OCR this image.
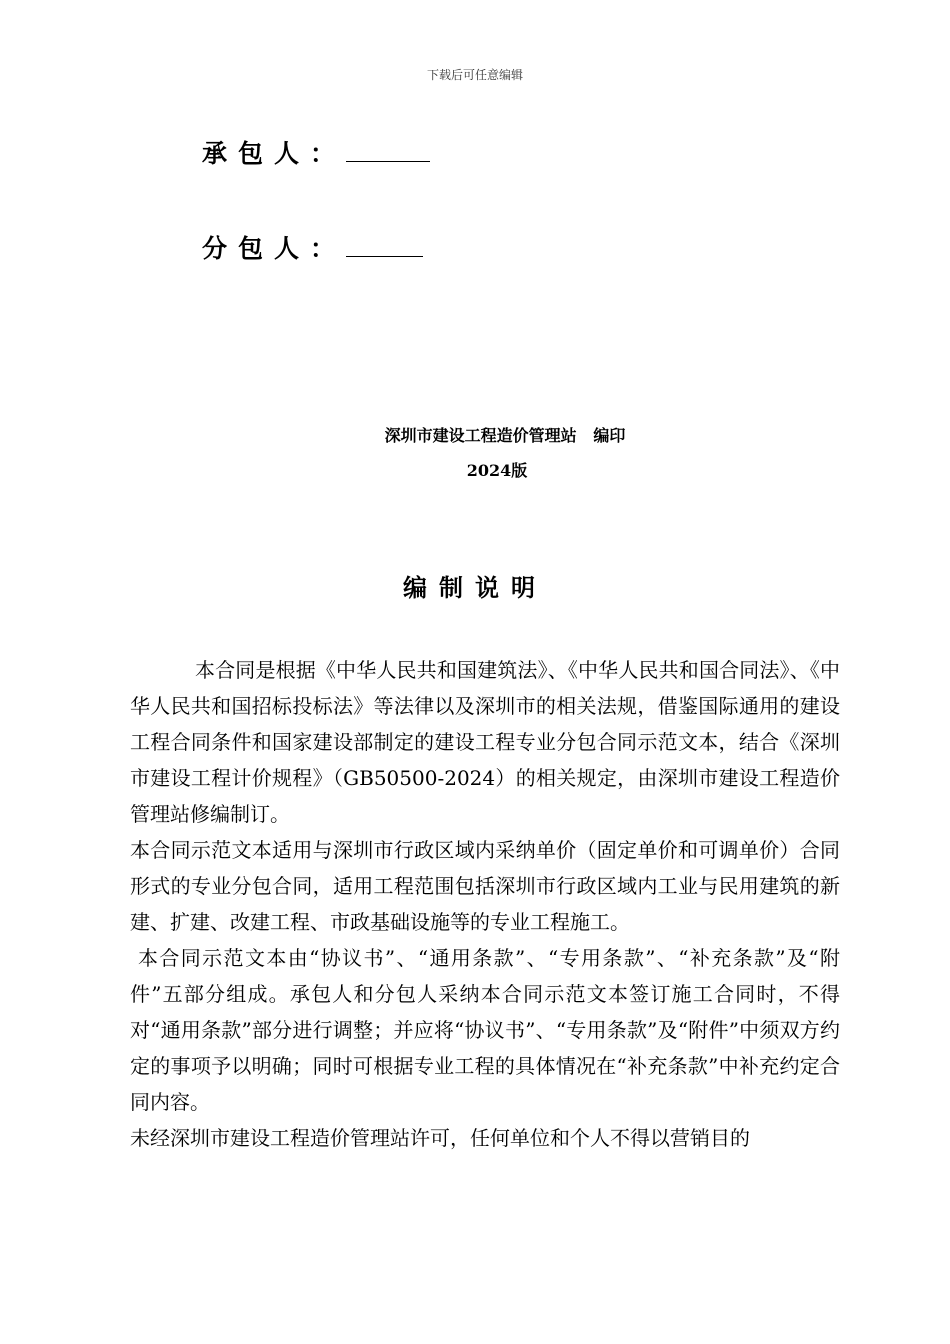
下载后可任意编辑
承包人：
分包人：
深圳市建设工程造价管理站   编印
2024版
编制说明

本合同是根据《中华人民共和国建筑法》、《中华人民共和国合同法》、《中华人民共和国招标投标法》等法律以及深圳市的相关法规，借鉴国际通用的建设工程合同条件和国家建设部制定的建设工程专业分包合同示范文本，结合《深圳市建设工程计价规程》（GB50500-2024）的相关规定，由深圳市建设工程造价管理站修编制订。

本合同示范文本适用与深圳市行政区域内采纳单价（固定单价和可调单价）合同形式的专业分包合同，适用工程范围包括深圳市行政区域内工业与民用建筑的新建、扩建、改建工程、市政基础设施等的专业工程施工。

本合同示范文本由“协议书”、“通用条款”、“专用条款”、“补充条款”及“附件”五部分组成。承包人和分包人采纳本合同示范文本签订施工合同时，不得对“通用条款”部分进行调整；并应将“协议书”、“专用条款”及“附件”中须双方约定的事项予以明确；同时可根据专业工程的具体情况在“补充条款”中补充约定合同内容。

未经深圳市建设工程造价管理站许可，任何单位和个人不得以营销目的
